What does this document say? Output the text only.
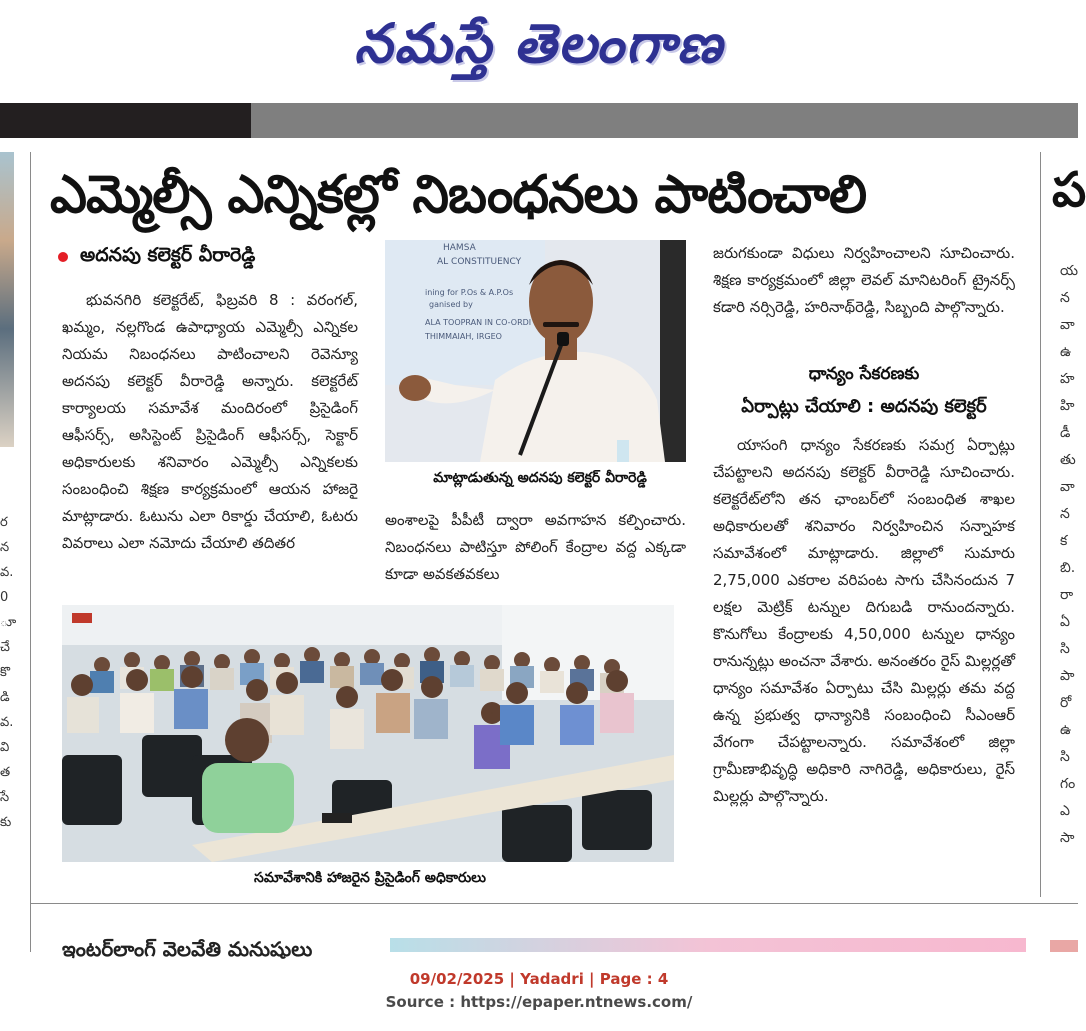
నమస్తే తెలంగాణ
ర
న
వ.
0
ూ
చే
కొ
డి
వ.
వి
త
సే
కు
ఎమ్మెల్సీ ఎన్నికల్లో నిబంధనలు పాటించాలి
అదనపు కలెక్టర్ వీరారెడ్డి

భువనగిరి కలెక్టరేట్, ఫిబ్రవరి 8 : వరంగల్, ఖమ్మం, నల్లగొండ ఉపాధ్యాయ ఎమ్మెల్సీ ఎన్నికల నియమ నిబంధనలు పాటించాలని రెవెన్యూ అదనపు కలెక్టర్ వీరారెడ్డి అన్నారు. కలెక్టరేట్ కార్యాలయ సమావేశ మందిరంలో ప్రిసైడింగ్ ఆఫీసర్స్, అసిస్టెంట్ ప్రిసైడింగ్ ఆఫీసర్స్, సెక్టార్ అధికారులకు శనివారం ఎమ్మెల్సీ ఎన్నికలకు సంబంధించి శిక్షణ కార్యక్రమంలో ఆయన హాజరై మాట్లాడారు. ఓటును ఎలా రికార్డు చేయాలి, ఓటరు వివరాలు ఎలా నమోదు చేయాలి తదితర

HAMSA
AL CONSTITUENCY
ining for P.Os & A.P.Os
ganised by
ALA TOOPRAN IN CO-ORDI
THIMMAIAH, IRGEO
మాట్లాడుతున్న అదనపు కలెక్టర్ వీరారెడ్డి

అంశాలపై పీపీటీ ద్వారా అవగాహన కల్పించారు. నిబంధనలు పాటిస్తూ పోలింగ్ కేంద్రాల వద్ద ఎక్కడా కూడా అవకతవకలు

జరుగకుండా విధులు నిర్వహించాలని సూచించారు. శిక్షణ కార్యక్రమంలో జిల్లా లెవల్ మానిటరింగ్ ట్రైనర్స్ కడారి నర్సిరెడ్డి, హరినాథ్‌రెడ్డి, సిబ్బంది పాల్గొన్నారు.

ధాన్యం సేకరణకు
ఏర్పాట్లు చేయాలి : అదనపు కలెక్టర్

యాసంగి ధాన్యం సేకరణకు సమగ్ర ఏర్పాట్లు చేపట్టాలని అదనపు కలెక్టర్ వీరారెడ్డి సూచించారు. కలెక్టరేట్‌లోని తన ఛాంబర్‌లో సంబంధిత శాఖల అధికారులతో శనివారం నిర్వహించిన సన్నాహక సమావేశంలో మాట్లాడారు. జిల్లాలో సుమారు 2,75,000 ఎకరాల వరిపంట సాగు చేసినందున 7 లక్షల మెట్రిక్ టన్నుల దిగుబడి రానుందన్నారు. కొనుగోలు కేంద్రాలకు 4,50,000 టన్నుల ధాన్యం రానున్నట్లు అంచనా వేశారు. అనంతరం రైస్ మిల్లర్లతో ధాన్యం సమావేశం ఏర్పాటు చేసి మిల్లర్లు తమ వద్ద ఉన్న ప్రభుత్వ ధాన్యానికి సంబంధించి సీఎంఆర్ వేగంగా చేపట్టాలన్నారు. సమావేశంలో జిల్లా గ్రామీణాభివృద్ధి అధికారి నాగిరెడ్డి, అధికారులు, రైస్ మిల్లర్లు పాల్గొన్నారు.

ప
య
న
వా
ఉ
హ
హి
డీ
తు
వా
న
క
బి.
రా
ఏ
సి
పా
రో
ఉ
సి
గం
ఎ
సా
సమావేశానికి హాజరైన ప్రిసైడింగ్ అధికారులు
ఇంటర్‌లాంగ్ వెలవేతి మనుషులు
09/02/2025 | Yadadri | Page : 4
Source : https://epaper.ntnews.com/
